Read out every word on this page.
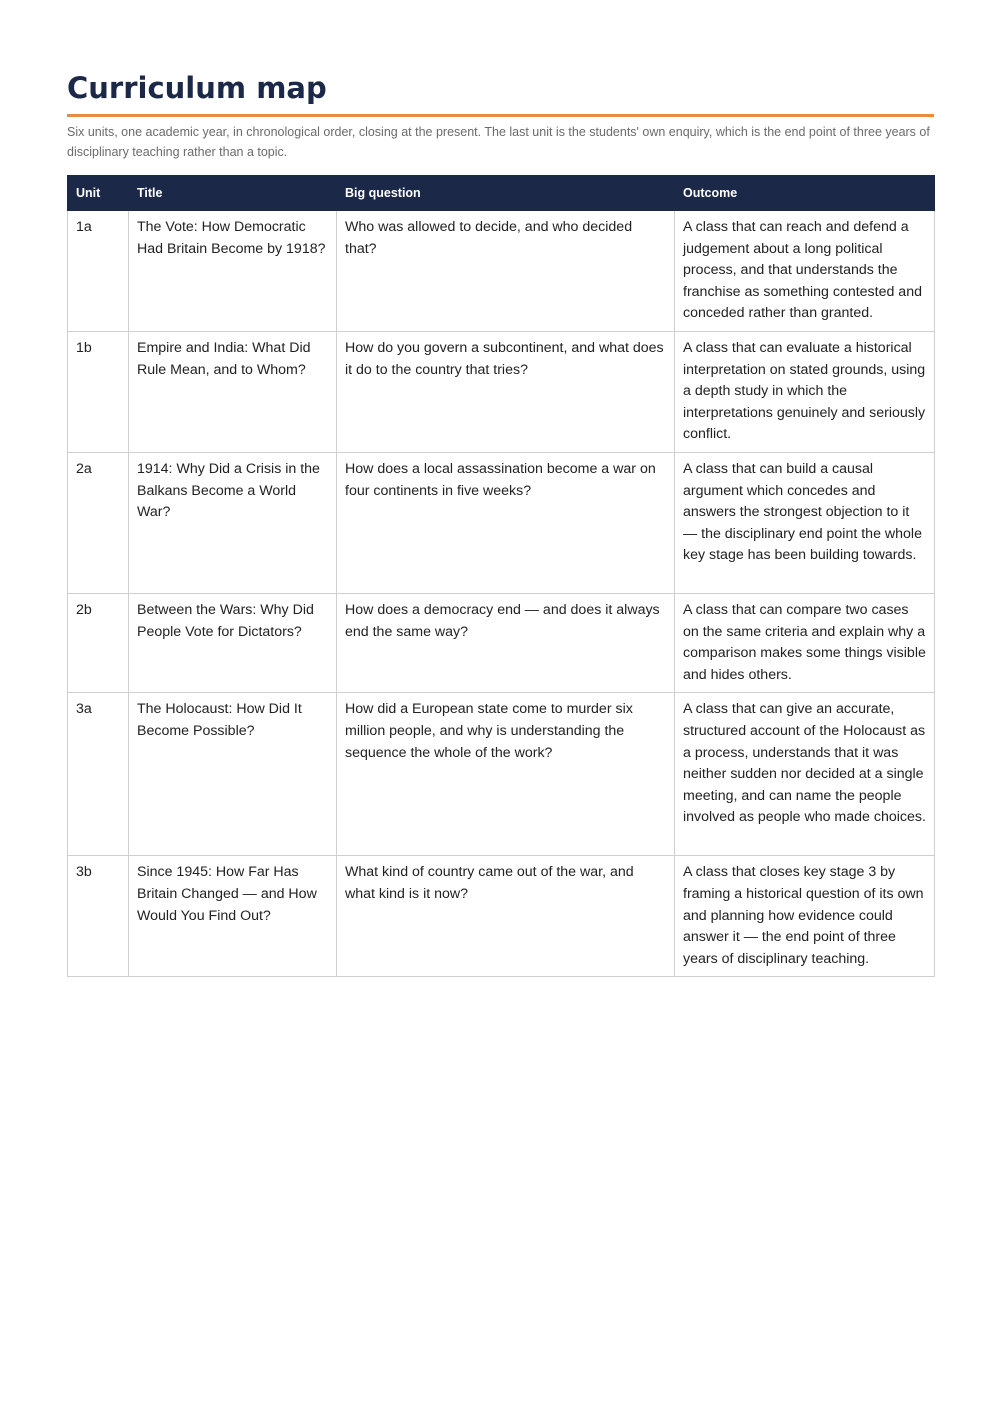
Curriculum map

Six units, one academic year, in chronological order, closing at the present. The last unit is the students' own enquiry, which is the end point of three years of disciplinary teaching rather than a topic.

Unit	Title	Big question	Outcome
1a	The Vote: How Democratic Had Britain Become by 1918?	Who was allowed to decide, and who decided that?	A class that can reach and defend a judgement about a long political process, and that understands the franchise as something contested and conceded rather than granted.
1b	Empire and India: What Did Rule Mean, and to Whom?	How do you govern a subcontinent, and what does it do to the country that tries?	A class that can evaluate a historical interpretation on stated grounds, using a depth study in which the interpretations genuinely and seriously conflict.
2a	1914: Why Did a Crisis in the Balkans Become a World War?	How does a local assassination become a war on four continents in five weeks?	A class that can build a causal argument which concedes and answers the strongest objection to it — the disciplinary end point the whole key stage has been building towards.
2b	Between the Wars: Why Did People Vote for Dictators?	How does a democracy end — and does it always end the same way?	A class that can compare two cases on the same criteria and explain why a comparison makes some things visible and hides others.
3a	The Holocaust: How Did It Become Possible?	How did a European state come to murder six million people, and why is understanding the sequence the whole of the work?	A class that can give an accurate, structured account of the Holocaust as a process, understands that it was neither sudden nor decided at a single meeting, and can name the people involved as people who made choices.
3b	Since 1945: How Far Has Britain Changed — and How Would You Find Out?	What kind of country came out of the war, and what kind is it now?	A class that closes key stage 3 by framing a historical question of its own and planning how evidence could answer it — the end point of three years of disciplinary teaching.
